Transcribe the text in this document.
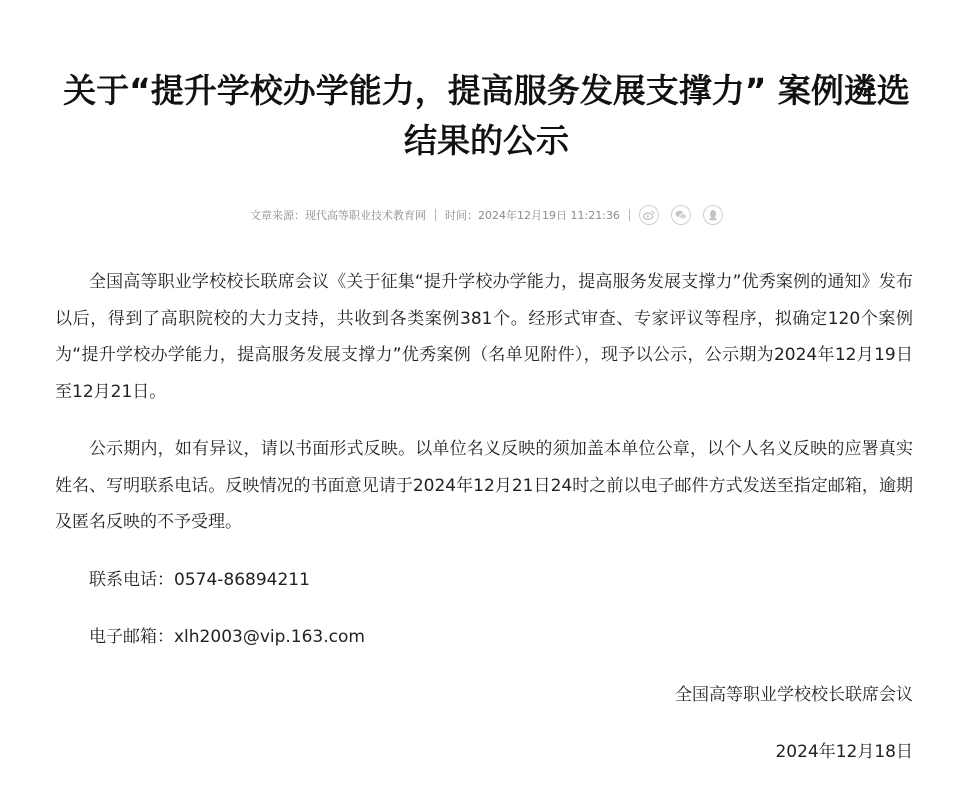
关于“提升学校办学能力，提高服务发展支撑力” 案例遴选结果的公示
文章来源：现代高等职业技术教育网 时间：2024年12月19日 11:21:36

全国高等职业学校校长联席会议《关于征集“提升学校办学能力，提高服务发展支撑力”优秀案例的通知》发布以后，得到了高职院校的大力支持，共收到各类案例381个。经形式审查、专家评议等程序，拟确定120个案例为“提升学校办学能力，提高服务发展支撑力”优秀案例（名单见附件），现予以公示，公示期为2024年12月19日至12月21日。

公示期内，如有异议，请以书面形式反映。以单位名义反映的须加盖本单位公章，以个人名义反映的应署真实姓名、写明联系电话。反映情况的书面意见请于2024年12月21日24时之前以电子邮件方式发送至指定邮箱，逾期及匿名反映的不予受理。

联系电话：0574-86894211

电子邮箱：xlh2003@vip.163.com

全国高等职业学校校长联席会议

2024年12月18日
